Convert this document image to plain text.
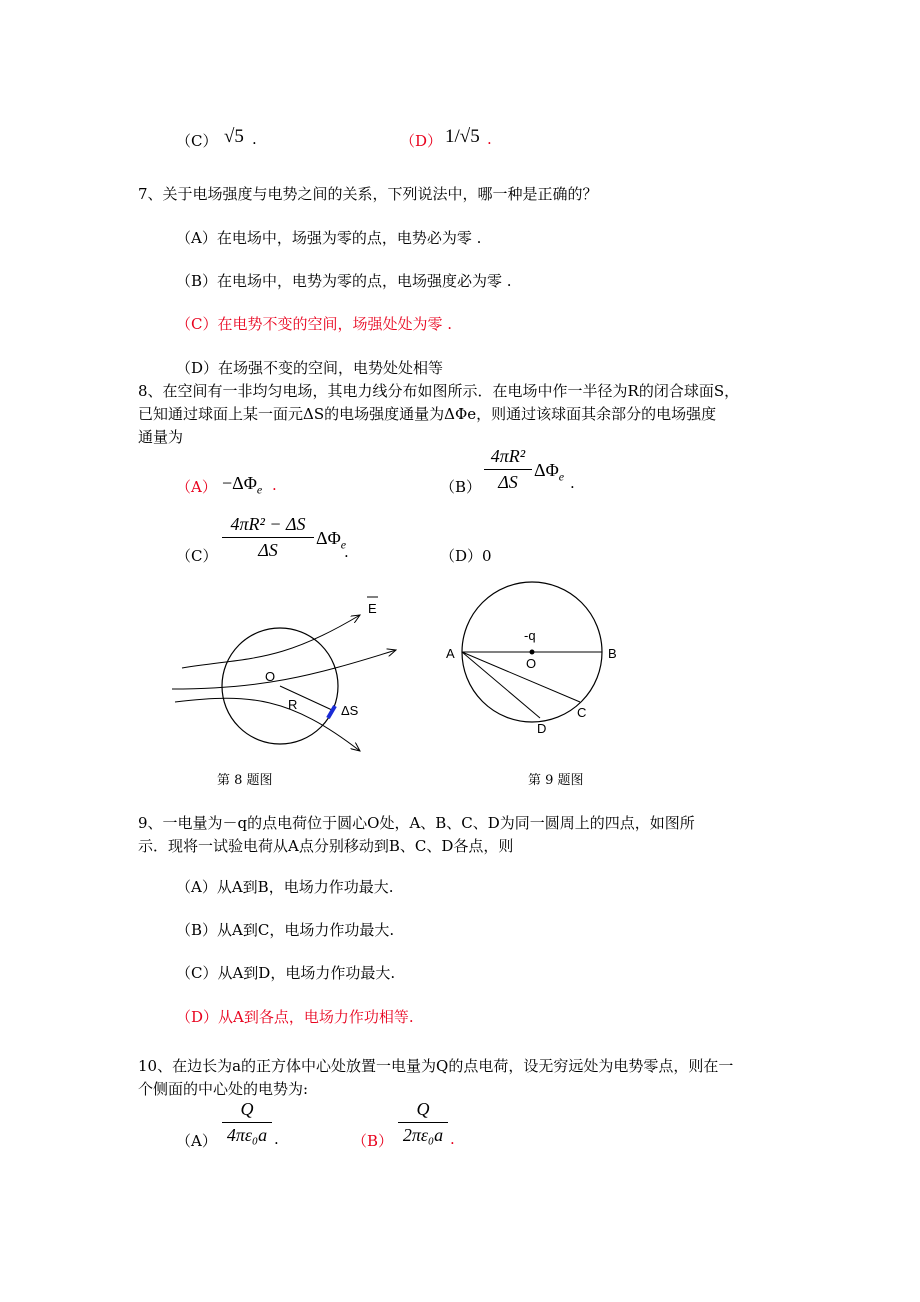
（C） √5 .	（D） 1/√5 .
7、关于电场强度与电势之间的关系，下列说法中，哪一种是正确的？
（A）在电场中，场强为零的点，电势必为零 .
（B）在电场中，电势为零的点，电场强度必为零 .
（C）在电势不变的空间，场强处处为零 .
（D）在场强不变的空间，电势处处相等
8、在空间有一非均匀电场，其电力线分布如图所示．在电场中作一半径为R的闭合球面S，
已知通过球面上某一面元ΔS的电场强度通量为ΔΦe，则通过该球面其余部分的电场强度
通量为
$(A) -\Delta\Phi_e$ .	$(B) \frac{\text{4πR²}}{\Delta S} \Delta\Phi_e$ .
$(C) \frac{\text{4πR² − ΔS}}{\Delta S} \Delta\Phi_e$
.	（D）0
O
R	ΔS
E
第 8 题图
A	B
C
D
O
-q
第 9 题图
9、一电量为－q的点电荷位于圆心O处，A、B、C、D为同一圆周上的四点，如图所
示．现将一试验电荷从A点分别移动到B、C、D各点，则
（A）从A到B，电场力作功最大.
（B）从A到C，电场力作功最大.
（C）从A到D，电场力作功最大.
（D）从A到各点，电场力作功相等.
10、在边长为a的正方体中心处放置一电量为Q的点电荷，设无穷远处为电势零点，则在一
个侧面的中心处的电势为:
$(A) \frac{Q}{\text{4πε₀a}}$ .	$(B) \frac{Q}{\text{2πε₀a}}$ .
